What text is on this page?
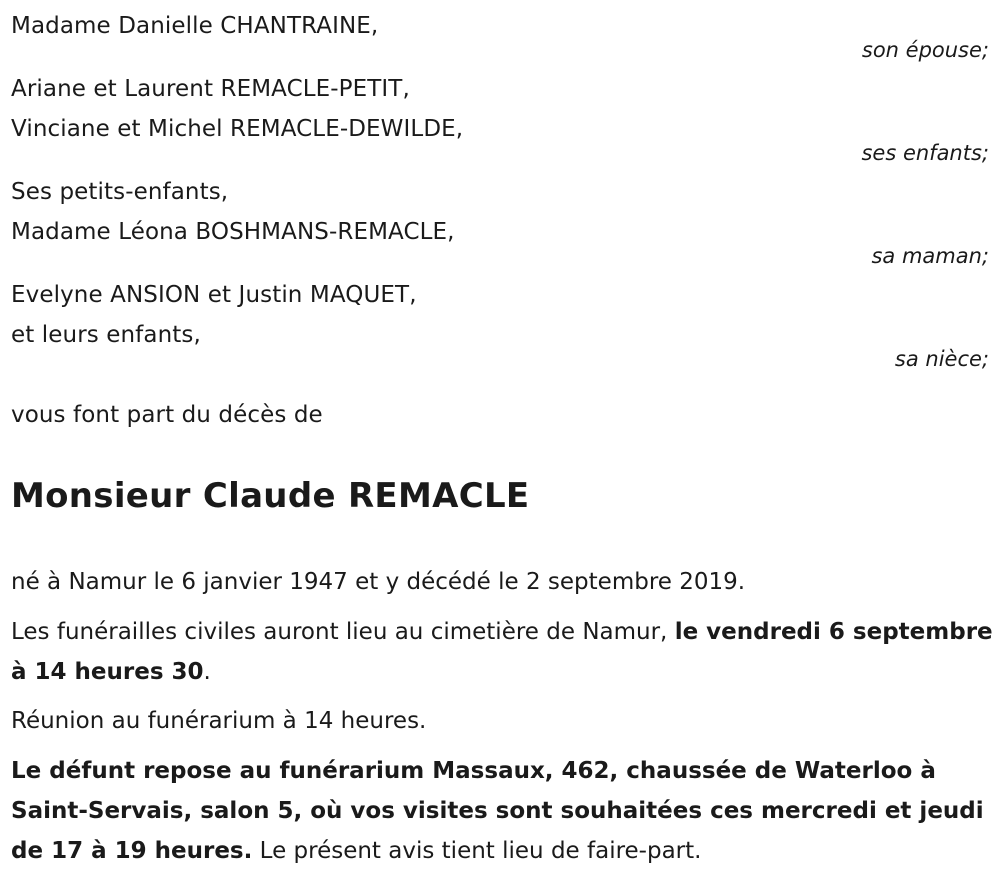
Madame Danielle CHANTRAINE,
son épouse;
Ariane et Laurent REMACLE-PETIT,
Vinciane et Michel REMACLE-DEWILDE,
ses enfants;
Ses petits-enfants,
Madame Léona BOSHMANS-REMACLE,
sa maman;
Evelyne ANSION et Justin MAQUET,
et leurs enfants,
sa nièce;
vous font part du décès de
Monsieur Claude REMACLE
né à Namur le 6 janvier 1947 et y décédé le 2 septembre 2019.
Les funérailles civiles auront lieu au cimetière de Namur, le vendredi 6 septembre à 14 heures 30.
Réunion au funérarium à 14 heures.
Le défunt repose au funérarium Massaux, 462, chaussée de Waterloo à Saint-Servais, salon 5, où vos visites sont souhaitées ces mercredi et jeudi de 17 à 19 heures. Le présent avis tient lieu de faire-part.
